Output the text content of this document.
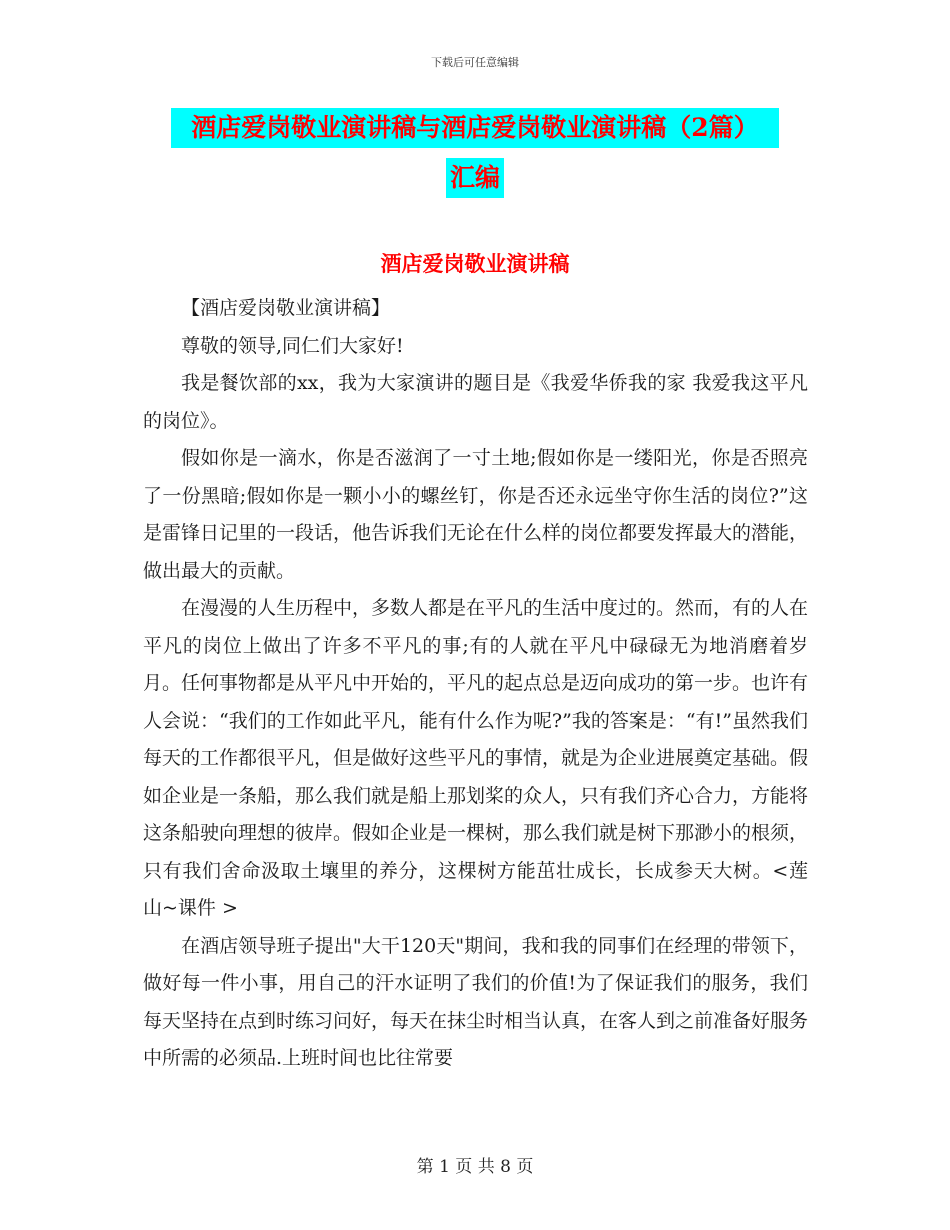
下载后可任意编辑
酒店爱岗敬业演讲稿与酒店爱岗敬业演讲稿（2篇）
汇编
酒店爱岗敬业演讲稿

【酒店爱岗敬业演讲稿】

尊敬的领导,同仁们大家好!

我是餐饮部的xx，我为大家演讲的题目是《我爱华侨我的家 我爱我这平凡的岗位》。

假如你是一滴水，你是否滋润了一寸土地;假如你是一缕阳光，你是否照亮了一份黑暗;假如你是一颗小小的螺丝钉，你是否还永远坐守你生活的岗位?”这是雷锋日记里的一段话，他告诉我们无论在什么样的岗位都要发挥最大的潜能，做出最大的贡献。

在漫漫的人生历程中，多数人都是在平凡的生活中度过的。然而，有的人在平凡的岗位上做出了许多不平凡的事;有的人就在平凡中碌碌无为地消磨着岁月。任何事物都是从平凡中开始的，平凡的起点总是迈向成功的第一步。也许有人会说：“我们的工作如此平凡，能有什么作为呢?”我的答案是：“有!”虽然我们每天的工作都很平凡，但是做好这些平凡的事情，就是为企业进展奠定基础。假如企业是一条船，那么我们就是船上那划桨的众人，只有我们齐心合力，方能将这条船驶向理想的彼岸。假如企业是一棵树，那么我们就是树下那渺小的根须，只有我们舍命汲取土壤里的养分，这棵树方能茁壮成长，长成参天大树。<莲 山~课件 >

在酒店领导班子提出"大干120天"期间，我和我的同事们在经理的带领下，做好每一件小事，用自己的汗水证明了我们的价值!为了保证我们的服务，我们每天坚持在点到时练习问好，每天在抹尘时相当认真，在客人到之前准备好服务中所需的必须品.上班时间也比往常要

第 1 页 共 8 页
